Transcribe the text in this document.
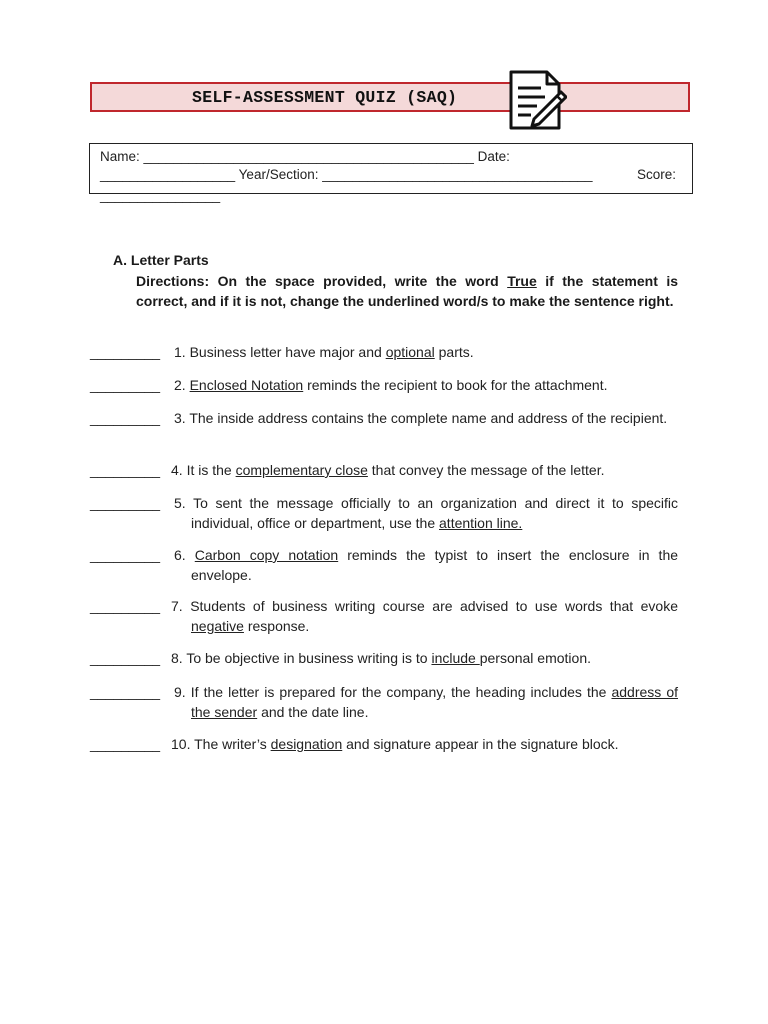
SELF-ASSESSMENT QUIZ (SAQ)
Name: ____________________________________________ Date:
__________________ Year/Section: ____________________________________	Score:
________________
A. Letter Parts
Directions: On the space provided, write the word True if the statement is correct, and if it is not, change the underlined word/s to make the sentence right.
_________ 1. Business letter have major and optional parts.
_________ 2. Enclosed Notation reminds the recipient to book for the attachment.
_________ 3. The inside address contains the complete name and address of the recipient.
_________ 4. It is the complementary close that convey the message of the letter.
_________ 5. To sent the message officially to an organization and direct it to specific individual, office or department, use the attention line.
_________ 6. Carbon copy notation reminds the typist to insert the enclosure in the envelope.
_________ 7. Students of business writing course are advised to use words that evoke negative response.
_________ 8. To be objective in business writing is to include personal emotion.
_________ 9. If the letter is prepared for the company, the heading includes the address of the sender and the date line.
_________ 10. The writer’s designation and signature appear in the signature block.
